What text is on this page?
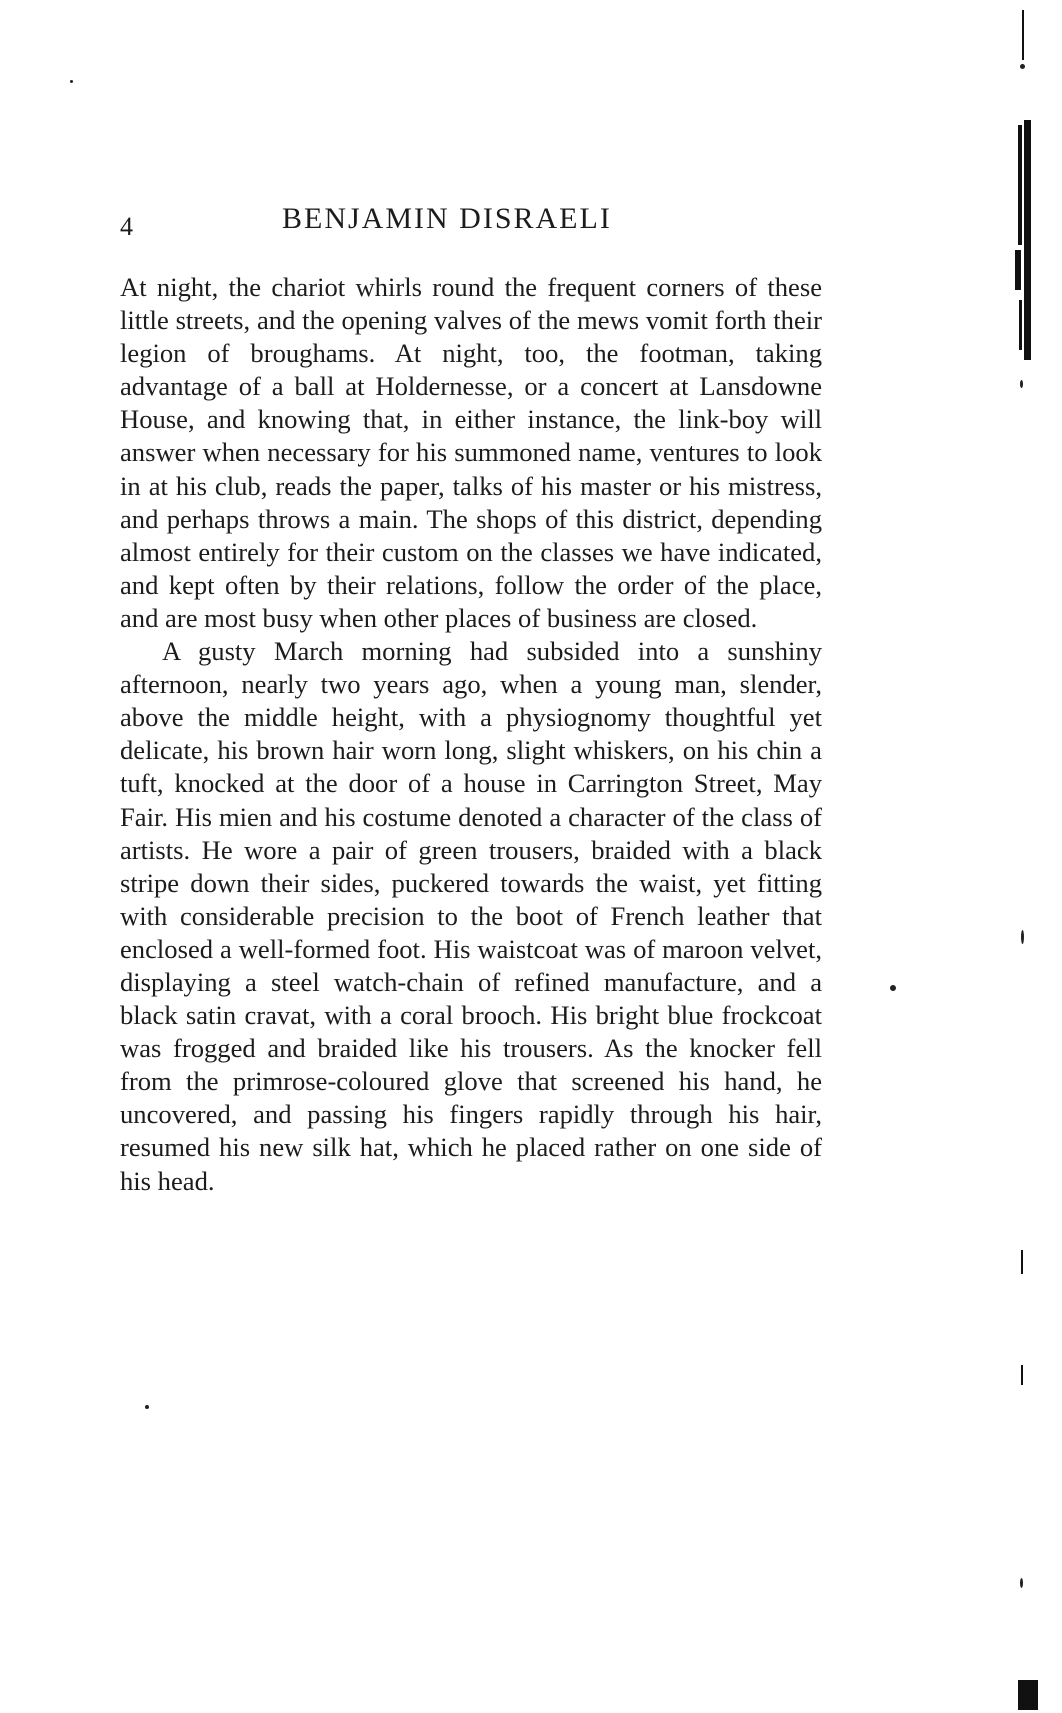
4	BENJAMIN DISRAELI

At night, the chariot whirls round the frequent corners of these little streets, and the opening valves of the mews vomit forth their legion of broughams. At night, too, the footman, taking advantage of a ball at Holdernesse, or a concert at Lansdowne House, and knowing that, in either instance, the link-boy will answer when necessary for his summoned name, ventures to look in at his club, reads the paper, talks of his master or his mistress, and perhaps throws a main. The shops of this district, depending almost entirely for their custom on the classes we have indicated, and kept often by their relations, follow the order of the place, and are most busy when other places of business are closed.

A gusty March morning had subsided into a sunshiny afternoon, nearly two years ago, when a young man, slender, above the middle height, with a physiognomy thoughtful yet delicate, his brown hair worn long, slight whiskers, on his chin a tuft, knocked at the door of a house in Carrington Street, May Fair. His mien and his costume denoted a character of the class of artists. He wore a pair of green trousers, braided with a black stripe down their sides, puckered towards the waist, yet fitting with considerable precision to the boot of French leather that enclosed a well-formed foot. His waistcoat was of maroon velvet, displaying a steel watch-chain of refined manufacture, and a black satin cravat, with a coral brooch. His bright blue frockcoat was frogged and braided like his trousers. As the knocker fell from the primrose-coloured glove that screened his hand, he uncovered, and passing his fingers rapidly through his hair, resumed his new silk hat, which he placed rather on one side of his head.
